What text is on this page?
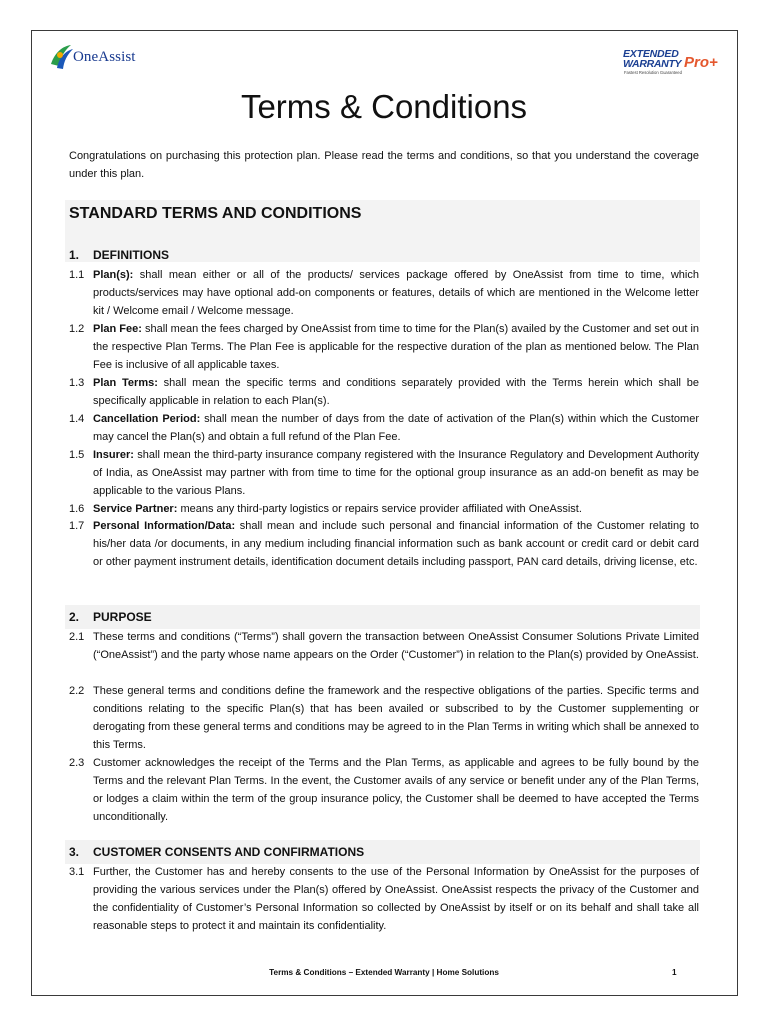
OneAssist	EXTENDED
WARRANTY Pro+
Fastest Resolution Guaranteed
Terms & Conditions
Congratulations on purchasing this protection plan. Please read the terms and conditions, so that you understand the coverage under this plan.
STANDARD TERMS AND CONDITIONS
1. DEFINITIONS
1.1 Plan(s): shall mean either or all of the products/ services package offered by OneAssist from time to time, which products/services may have optional add-on components or features, details of which are mentioned in the Welcome letter kit / Welcome email / Welcome message.
1.2 Plan Fee: shall mean the fees charged by OneAssist from time to time for the Plan(s) availed by the Customer and set out in the respective Plan Terms. The Plan Fee is applicable for the respective duration of the plan as mentioned below. The Plan Fee is inclusive of all applicable taxes.
1.3 Plan Terms: shall mean the specific terms and conditions separately provided with the Terms herein which shall be specifically applicable in relation to each Plan(s).
1.4 Cancellation Period: shall mean the number of days from the date of activation of the Plan(s) within which the Customer may cancel the Plan(s) and obtain a full refund of the Plan Fee.
1.5 Insurer: shall mean the third-party insurance company registered with the Insurance Regulatory and Development Authority of India, as OneAssist may partner with from time to time for the optional group insurance as an add-on benefit as may be applicable to the various Plans.
1.6 Service Partner: means any third-party logistics or repairs service provider affiliated with OneAssist.
1.7 Personal Information/Data: shall mean and include such personal and financial information of the Customer relating to his/her data /or documents, in any medium including financial information such as bank account or credit card or debit card or other payment instrument details, identification document details including passport, PAN card details, driving license, etc.
2. PURPOSE
2.1 These terms and conditions (“Terms”) shall govern the transaction between OneAssist Consumer Solutions Private Limited (“OneAssist”) and the party whose name appears on the Order (“Customer”) in relation to the Plan(s) provided by OneAssist.
2.2 These general terms and conditions define the framework and the respective obligations of the parties. Specific terms and conditions relating to the specific Plan(s) that has been availed or subscribed to by the Customer supplementing or derogating from these general terms and conditions may be agreed to in the Plan Terms in writing which shall be annexed to this Terms.
2.3 Customer acknowledges the receipt of the Terms and the Plan Terms, as applicable and agrees to be fully bound by the Terms and the relevant Plan Terms. In the event, the Customer avails of any service or benefit under any of the Plan Terms, or lodges a claim within the term of the group insurance policy, the Customer shall be deemed to have accepted the Terms unconditionally.
3. CUSTOMER CONSENTS AND CONFIRMATIONS
3.1 Further, the Customer has and hereby consents to the use of the Personal Information by OneAssist for the purposes of providing the various services under the Plan(s) offered by OneAssist. OneAssist respects the privacy of the Customer and the confidentiality of Customer’s Personal Information so collected by OneAssist by itself or on its behalf and shall take all reasonable steps to protect it and maintain its confidentiality.
Terms & Conditions – Extended Warranty | Home Solutions	1
